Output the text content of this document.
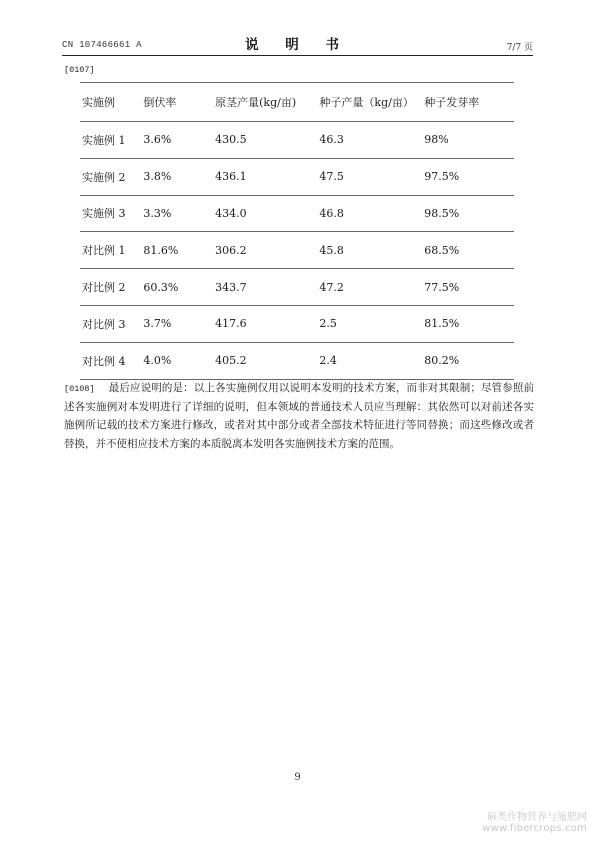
CN 107466661 A	说 明 书	7/7 页
[0107]
实施例	倒伏率	原茎产量(kg/亩)	种子产量（kg/亩）	种子发芽率
实施例 1	3.6%	430.5	46.3	98%
实施例 2	3.8%	436.1	47.5	97.5%
实施例 3	3.3%	434.0	46.8	98.5%
对比例 1	81.6%	306.2	45.8	68.5%
对比例 2	60.3%	343.7	47.2	77.5%
对比例 3	3.7%	417.6	2.5	81.5%
对比例 4	4.0%	405.2	2.4	80.2%
[0108] 最后应说明的是：以上各实施例仅用以说明本发明的技术方案，而非对其限制；尽管参照前述各实施例对本发明进行了详细的说明，但本领域的普通技术人员应当理解：其依然可以对前述各实施例所记载的技术方案进行修改，或者对其中部分或者全部技术特征进行等同替换；而这些修改或者替换，并不使相应技术方案的本质脱离本发明各实施例技术方案的范围。
9
麻类作物营养与施肥网
www.fibercrops.com
